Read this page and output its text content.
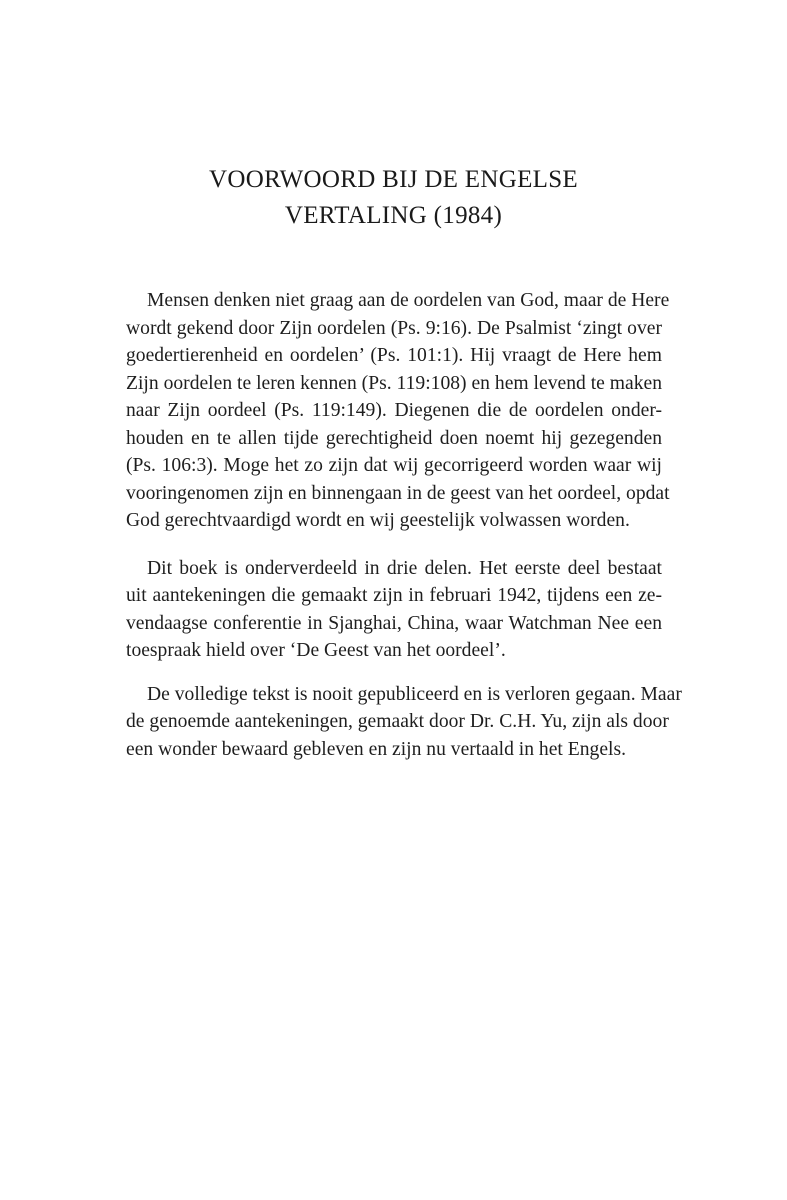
VOORWOORD BIJ DE ENGELSE
VERTALING (1984)

Mensen denken niet graag aan de oordelen van God, maar de Here
wordt gekend door Zijn oordelen (Ps. 9:16). De Psalmist ‘zingt over
goedertierenheid en oordelen’ (Ps. 101:1). Hij vraagt de Here hem
Zijn oordelen te leren kennen (Ps. 119:108) en hem levend te maken
naar Zijn oordeel (Ps. 119:149). Diegenen die de oordelen onder-
houden en te allen tijde gerechtigheid doen noemt hij gezegenden
(Ps. 106:3). Moge het zo zijn dat wij gecorrigeerd worden waar wij
vooringenomen zijn en binnengaan in de geest van het oordeel, opdat
God gerechtvaardigd wordt en wij geestelijk volwassen worden.

Dit boek is onderverdeeld in drie delen. Het eerste deel bestaat
uit aantekeningen die gemaakt zijn in februari 1942, tijdens een ze-
vendaagse conferentie in Sjanghai, China, waar Watchman Nee een
toespraak hield over ‘De Geest van het oordeel’.

De volledige tekst is nooit gepubliceerd en is verloren gegaan. Maar
de genoemde aantekeningen, gemaakt door Dr. C.H. Yu, zijn als door
een wonder bewaard gebleven en zijn nu vertaald in het Engels.
